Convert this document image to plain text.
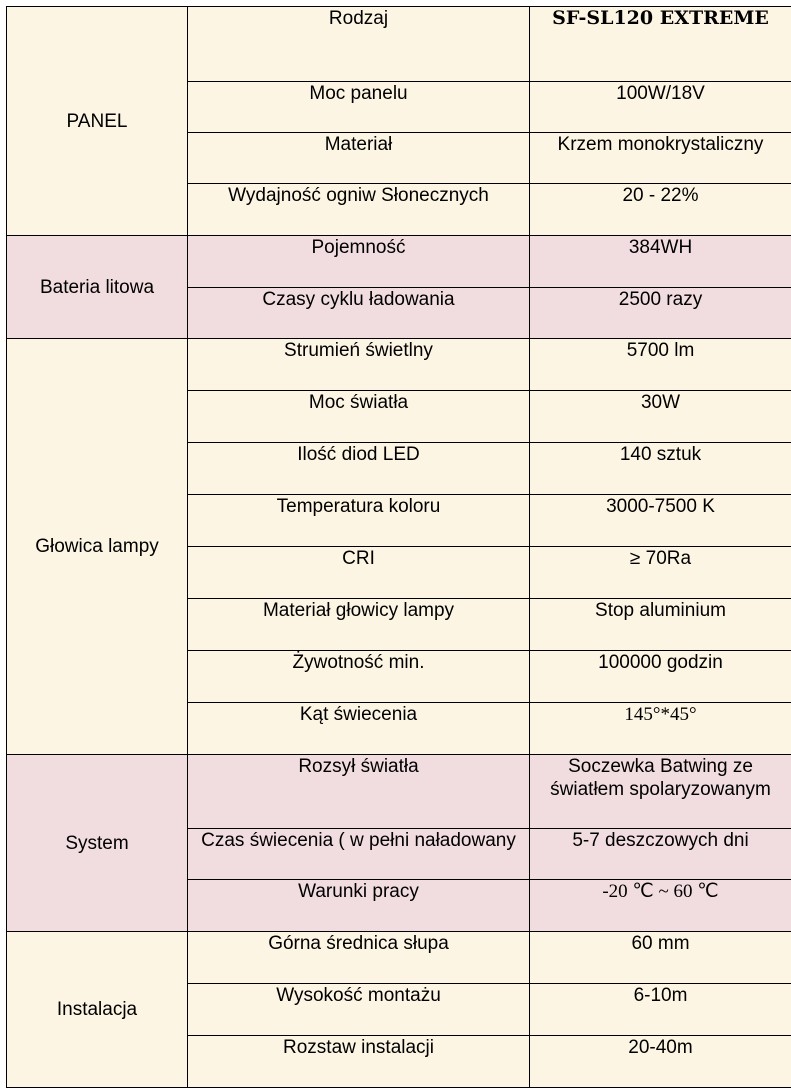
PANEL	Rodzaj	SF-SL120 EXTREME
	Moc panelu	100W/18V
	Materiał	Krzem monokrystaliczny
	Wydajność ogniw Słonecznych	20 - 22%
Bateria litowa	Pojemność	384WH
	Czasy cyklu ładowania	2500 razy
Głowica lampy	Strumień świetlny	5700 lm
	Moc światła	30W
	Ilość diod LED	140 sztuk
	Temperatura koloru	3000-7500 K
	CRI	≥ 70Ra
	Materiał głowicy lampy	Stop aluminium
	Żywotność min.	100000 godzin
	Kąt świecenia	145°*45°
System	Rozsył światła	Soczewka Batwing ze światłem spolaryzowanym
	Czas świecenia ( w pełni naładowany	5-7 deszczowych dni
	Warunki pracy	-20 ℃ ~ 60 ℃
Instalacja	Górna średnica słupa	60 mm
	Wysokość montażu	6-10m
	Rozstaw instalacji	20-40m
